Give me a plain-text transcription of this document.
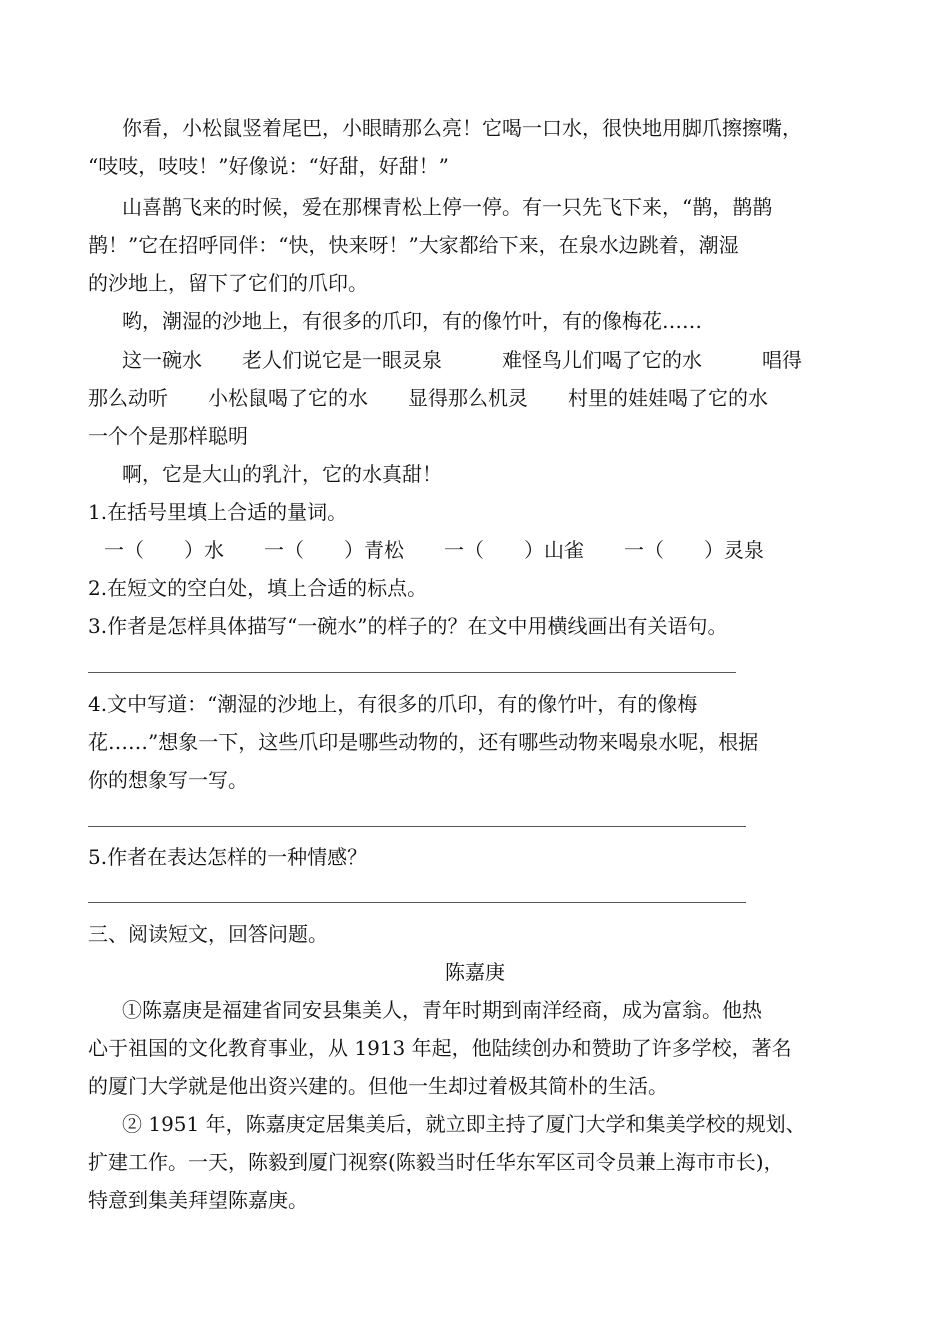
你看，小松鼠竖着尾巴，小眼睛那么亮！它喝一口水，很快地用脚爪擦擦嘴，
“吱吱，吱吱！”好像说：“好甜，好甜！”
山喜鹊飞来的时候，爱在那棵青松上停一停。有一只先飞下来，“鹊，鹊鹊
鹊！”它在招呼同伴：“快，快来呀！”大家都给下来，在泉水边跳着，潮湿
的沙地上，留下了它们的爪印。
哟，潮湿的沙地上，有很多的爪印，有的像竹叶，有的像梅花……
这一碗水　　老人们说它是一眼灵泉　　　难怪鸟儿们喝了它的水　　　唱得
那么动听　　小松鼠喝了它的水　　显得那么机灵　　村里的娃娃喝了它的水
一个个是那样聪明
啊，它是大山的乳汁，它的水真甜！
1.在括号里填上合适的量词。
一（　　）水　　一（　　）青松　　一（　　）山雀　　一（　　）灵泉
2.在短文的空白处，填上合适的标点。
3.作者是怎样具体描写“一碗水”的样子的？在文中用横线画出有关语句。
4.文中写道：“潮湿的沙地上，有很多的爪印，有的像竹叶，有的像梅
花……”想象一下，这些爪印是哪些动物的，还有哪些动物来喝泉水呢，根据
你的想象写一写。
5.作者在表达怎样的一种情感？
三、阅读短文，回答问题。
陈嘉庚
①陈嘉庚是福建省同安县集美人，青年时期到南洋经商，成为富翁。他热
心于祖国的文化教育事业，从 1913 年起，他陆续创办和赞助了许多学校，著名
的厦门大学就是他出资兴建的。但他一生却过着极其简朴的生活。
② 1951 年，陈嘉庚定居集美后，就立即主持了厦门大学和集美学校的规划、
扩建工作。一天，陈毅到厦门视察(陈毅当时任华东军区司令员兼上海市市长)，
特意到集美拜望陈嘉庚。
